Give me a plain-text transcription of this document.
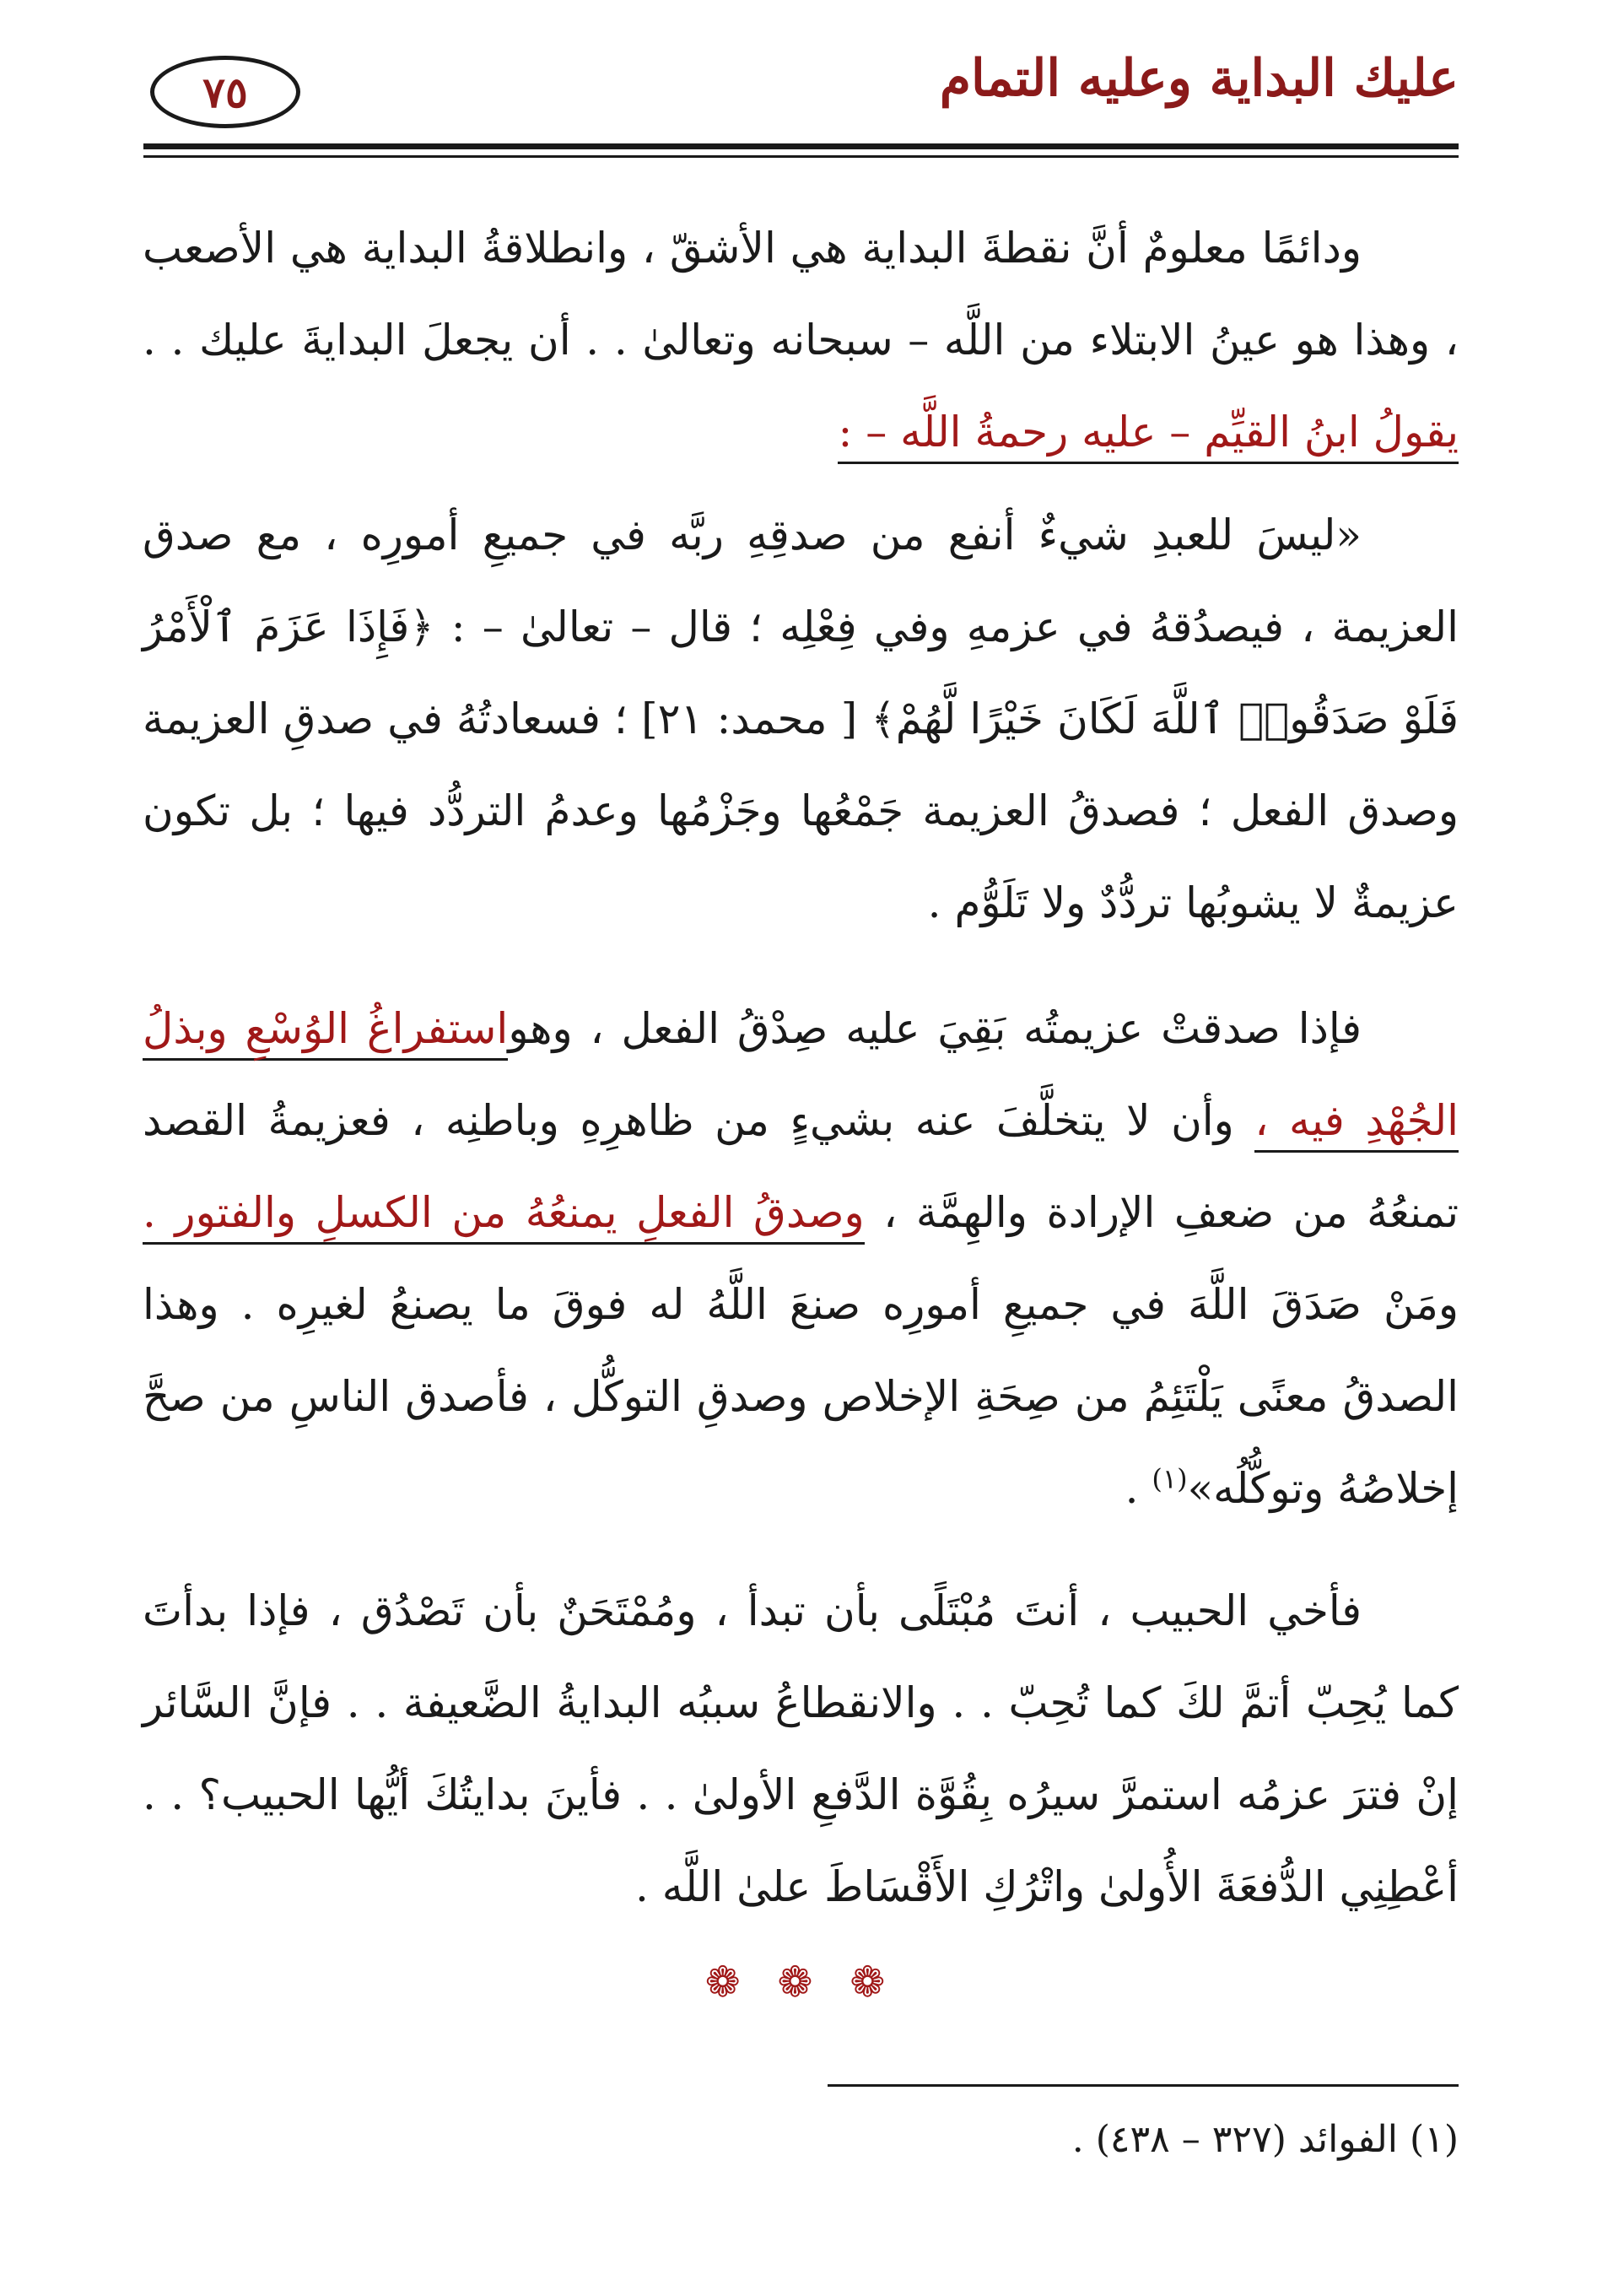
عليك البداية وعليه التمام
٧٥
ودائمًا معلومٌ أنَّ نقطةَ البداية هي الأشقّ ، وانطلاقةُ البداية هي الأصعب ، وهذا هو عينُ الابتلاء من اللَّه – سبحانه وتعالىٰ . . أن يجعلَ البدايةَ عليك . . يقولُ ابنُ القيِّم – عليه رحمةُ اللَّه – :
«ليسَ للعبدِ شيءٌ أنفع من صدقِهِ ربَّه في جميعِ أمورِه ، مع صدق العزيمة ، فيصدُقهُ في عزمهِ وفي فِعْلِه ؛ قال – تعالىٰ – : ﴿فَإِذَا عَزَمَ ٱلْأَمْرُ فَلَوْ صَدَقُوا۟ ٱللَّهَ لَكَانَ خَيْرًا لَّهُمْ﴾ [ محمد: ٢١] ؛ فسعادتُهُ في صدقِ العزيمة وصدق الفعل ؛ فصدقُ العزيمة جَمْعُها وجَزْمُها وعدمُ التردُّد فيها ؛ بل تكون عزيمةٌ لا يشوبُها تردُّدٌ ولا تَلَوُّم .
فإذا صدقتْ عزيمتُه بَقِيَ عليه صِدْقُ الفعل ، وهواستفراغُ الوُسْعِ وبذلُ الجُهْدِ فيه ، وأن لا يتخلَّفَ عنه بشيءٍ من ظاهرِهِ وباطنِه ، فعزيمةُ القصد تمنعُهُ من ضعفِ الإرادة والهِمَّة ، وصدقُ الفعلِ يمنعُهُ من الكسلِ والفتور . ومَنْ صَدَقَ اللَّهَ في جميعِ أمورِه صنعَ اللَّهُ له فوقَ ما يصنعُ لغيرِه . وهذا الصدقُ معنًى يَلْتَئِمُ من صِحَةِ الإخلاص وصدقِ التوكُّل ، فأصدق الناسِ من صحَّ إخلاصُهُ وتوكُّلُه»$^{(١)}$ .
فأخي الحبيب ، أنتَ مُبْتَلًى بأن تبدأ ، ومُمْتَحَنٌ بأن تَصْدُق ، فإذا بدأتَ كما يُحِبّ أتمَّ لكَ كما تُحِبّ . . والانقطاعُ سببُه البدايةُ الضَّعيفة . . فإنَّ السَّائر إنْ فترَ عزمُه استمرَّ سيرُه بِقُوَّة الدَّفعِ الأولىٰ . . فأينَ بدايتُكَ أيُّها الحبيب؟ . . أعْطِنِي الدُّفعَةَ الأُولىٰ واتْرُكِ الأَقْسَاطَ علىٰ اللَّه .
❁ ❁ ❁
(١) الفوائد (٣٢٧ – ٤٣٨) .
